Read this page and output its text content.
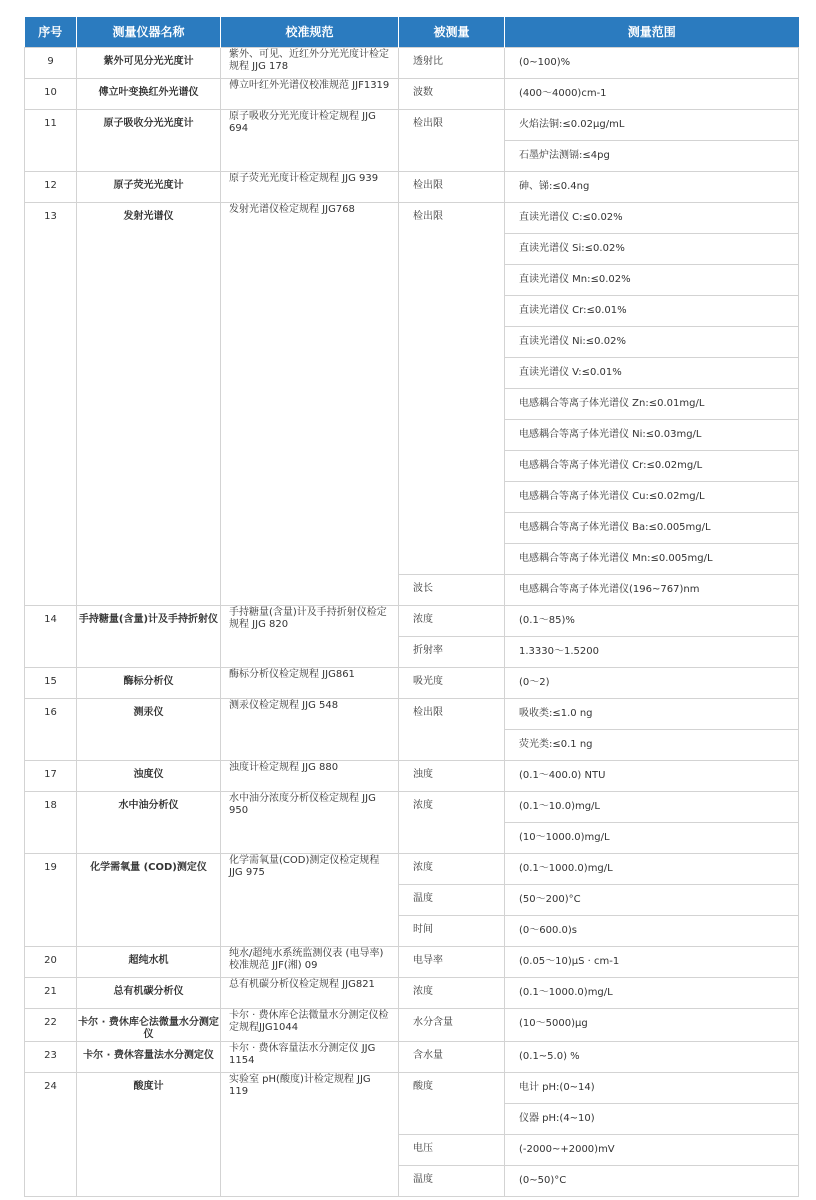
序号	测量仪器名称	校准规范	被测量	测量范围
9	紫外可见分光光度计	紫外、可见、近红外分光光度计检定规程 JJG 178	透射比	(0~100)%
10	傅立叶变换红外光谱仪	傅立叶红外光谱仪校准规范 JJF1319	波数	(400～4000)cm-1
11	原子吸收分光光度计	原子吸收分光光度计检定规程 JJG 694	检出限	火焰法铜:≤0.02μg/mL
				石墨炉法测镉:≤4pg
12	原子荧光光度计	原子荧光光度计检定规程 JJG 939	检出限	砷、锑:≤0.4ng
13	发射光谱仪	发射光谱仪检定规程 JJG768	检出限	直读光谱仪 C:≤0.02%
				直读光谱仪 Si:≤0.02%
				直读光谱仪 Mn:≤0.02%
				直读光谱仪 Cr:≤0.01%
				直读光谱仪 Ni:≤0.02%
				直读光谱仪 V:≤0.01%
				电感耦合等离子体光谱仪 Zn:≤0.01mg/L
				电感耦合等离子体光谱仪 Ni:≤0.03mg/L
				电感耦合等离子体光谱仪 Cr:≤0.02mg/L
				电感耦合等离子体光谱仪 Cu:≤0.02mg/L
				电感耦合等离子体光谱仪 Ba:≤0.005mg/L
				电感耦合等离子体光谱仪 Mn:≤0.005mg/L
			波长	电感耦合等离子体光谱仪(196~767)nm
14	手持糖量(含量)计及手持折射仪	手持糖量(含量)计及手持折射仪检定规程 JJG 820	浓度	(0.1～85)%
			折射率	1.3330～1.5200
15	酶标分析仪	酶标分析仪检定规程 JJG861	吸光度	(0～2)
16	测汞仪	测汞仪检定规程 JJG 548	检出限	吸收类:≤1.0 ng
				荧光类:≤0.1 ng
17	浊度仪	浊度计检定规程 JJG 880	浊度	(0.1～400.0) NTU
18	水中油分析仪	水中油分浓度分析仪检定规程 JJG 950	浓度	(0.1～10.0)mg/L
				(10～1000.0)mg/L
19	化学需氧量 (COD)测定仪	化学需氧量(COD)测定仪检定规程 JJG 975	浓度	(0.1～1000.0)mg/L
			温度	(50～200)°C
			时间	(0～600.0)s
20	超纯水机	纯水/超纯水系统监测仪表 (电导率) 校准规范 JJF(湘) 09	电导率	(0.05～10)μS · cm-1
21	总有机碳分析仪	总有机碳分析仪检定规程 JJG821	浓度	(0.1～1000.0)mg/L
22	卡尔 · 费休库仑法微量水分测定仪	卡尔 · 费休库仑法微量水分测定仪检定规程JJG1044	水分含量	(10～5000)μg
23	卡尔 · 费休容量法水分测定仪	卡尔 · 费休容量法水分测定仪 JJG 1154	含水量	(0.1~5.0) %
24	酸度计	实验室 pH(酸度)计检定规程 JJG 119	酸度	电计 pH:(0~14)
				仪器 pH:(4~10)
			电压	(-2000~+2000)mV
			温度	(0~50)°C
